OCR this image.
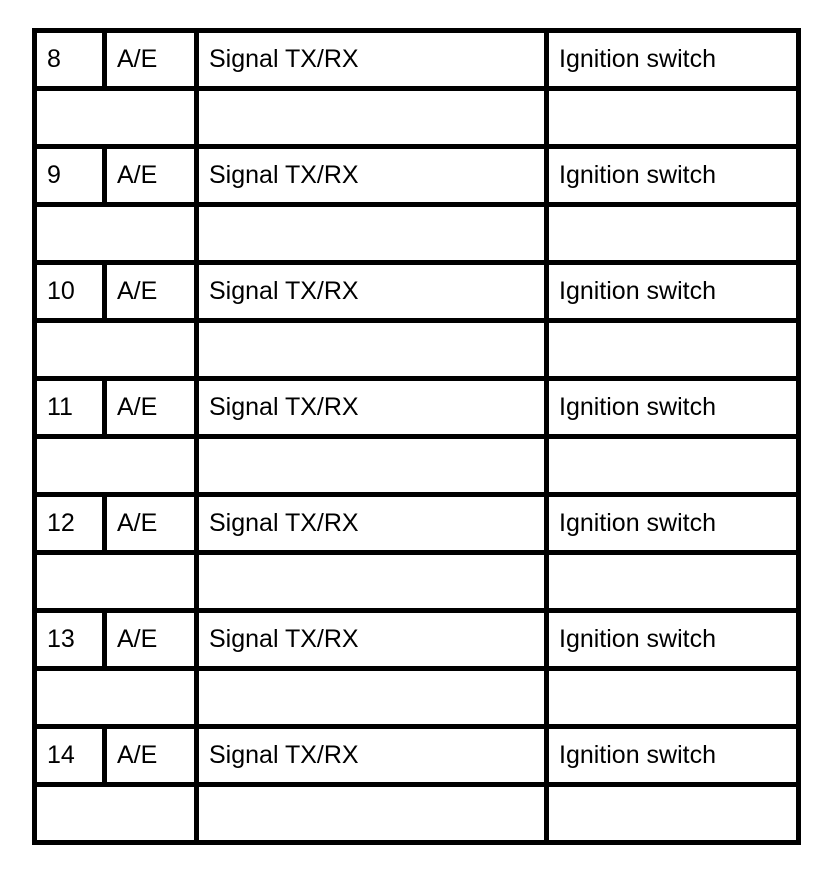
8	A/E	Signal TX/RX	Ignition switch

9	A/E	Signal TX/RX	Ignition switch

10	A/E	Signal TX/RX	Ignition switch

11	A/E	Signal TX/RX	Ignition switch

12	A/E	Signal TX/RX	Ignition switch

13	A/E	Signal TX/RX	Ignition switch

14	A/E	Signal TX/RX	Ignition switch
